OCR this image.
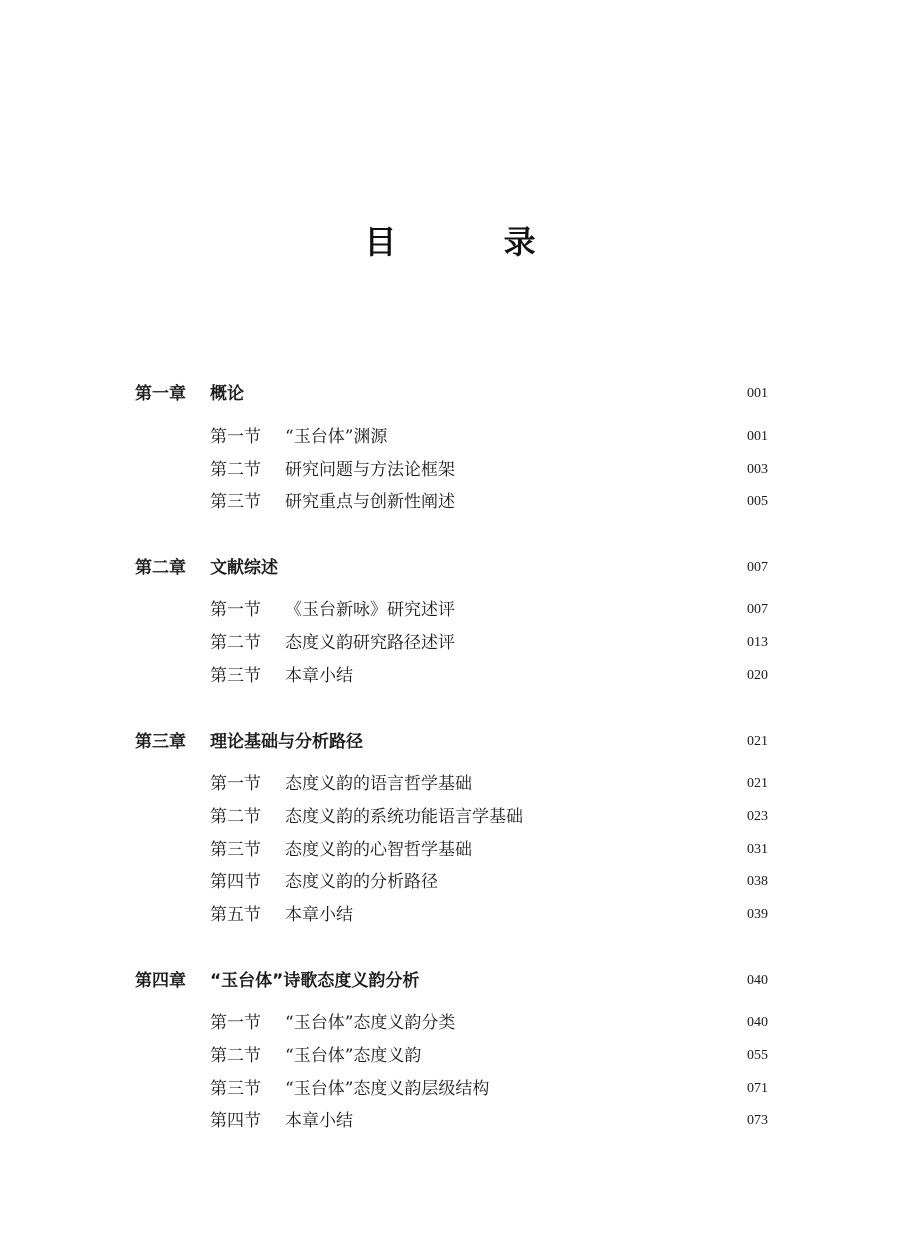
目 录
第一章 概论	001
第一节 “玉台体”渊源	001
第二节 研究问题与方法论框架	003
第三节 研究重点与创新性阐述	005
第二章 文献综述	007
第一节 《玉台新咏》研究述评	007
第二节 态度义韵研究路径述评	013
第三节 本章小结	020
第三章 理论基础与分析路径	021
第一节 态度义韵的语言哲学基础	021
第二节 态度义韵的系统功能语言学基础	023
第三节 态度义韵的心智哲学基础	031
第四节 态度义韵的分析路径	038
第五节 本章小结	039
第四章 “玉台体”诗歌态度义韵分析	040
第一节 “玉台体”态度义韵分类	040
第二节 “玉台体”态度义韵	055
第三节 “玉台体”态度义韵层级结构	071
第四节 本章小结	073
